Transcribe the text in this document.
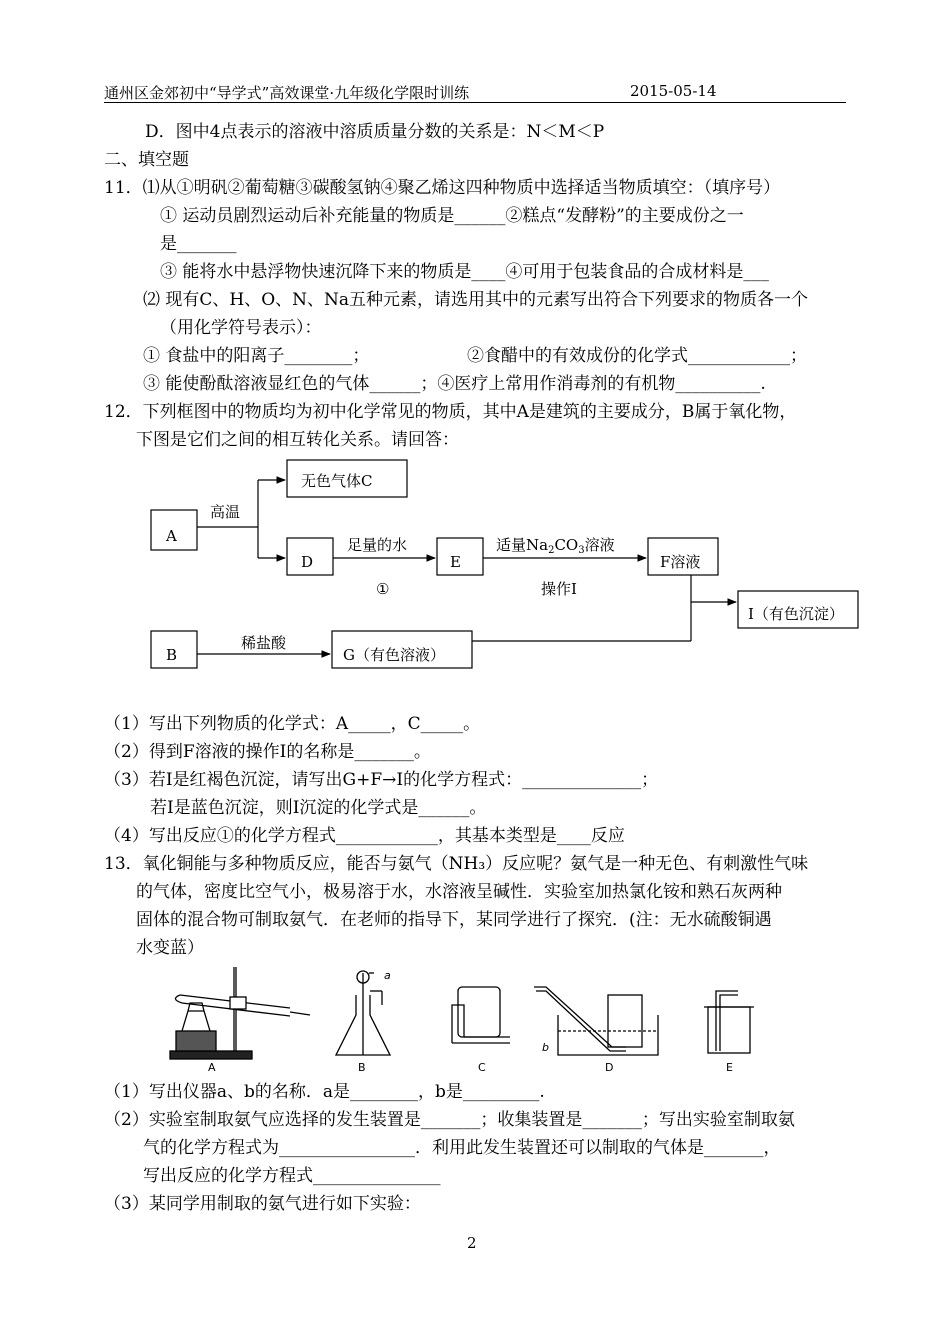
通州区金郊初中“导学式”高效课堂·九年级化学限时训练	2015-05-14
D．图中4点表示的溶液中溶质质量分数的关系是：N＜M＜P
二、填空题
11．⑴从①明矾②葡萄糖③碳酸氢钠④聚乙烯这四种物质中选择适当物质填空：（填序号）
① 运动员剧烈运动后补充能量的物质是______②糕点“发酵粉”的主要成份之一
是_______
③ 能将水中悬浮物快速沉降下来的物质是____④可用于包装食品的合成材料是___
⑵ 现有C、H、O、N、Na五种元素，请选用其中的元素写出符合下列要求的物质各一个
（用化学符号表示）：
① 食盐中的阳离子________；	②食醋中的有效成份的化学式____________；
③ 能使酚酞溶液显红色的气体______；④医疗上常用作消毒剂的有机物__________.
12．下列框图中的物质均为初中化学常见的物质，其中A是建筑的主要成分，B属于氧化物，
下图是它们之间的相互转化关系。请回答：
（1）写出下列物质的化学式：A_____，C_____。
（2）得到F溶液的操作I的名称是_______。
（3）若I是红褐色沉淀，请写出G+F→I的化学方程式：______________；
若I是蓝色沉淀，则I沉淀的化学式是______。
（4）写出反应①的化学方程式____________，其基本类型是____反应
13．氧化铜能与多种物质反应，能否与氨气（NH₃）反应呢？氨气是一种无色、有刺激性气味
的气体，密度比空气小，极易溶于水，水溶液呈碱性．实验室加热氯化铵和熟石灰两种
固体的混合物可制取氨气．在老师的指导下，某同学进行了探究．(注：无水硫酸铜遇
水变蓝）
（1）写出仪器a、b的名称．a是________，b是_________.
（2）实验室制取氨气应选择的发生装置是_______；收集装置是_______；写出实验室制取氨
气的化学方程式为________________．利用此发生装置还可以制取的气体是_______，
写出反应的化学方程式_______________
（3）某同学用制取的氨气进行如下实验：
A
无色气体C
D	E	F溶液
I（有色沉淀）
B	G（有色溶液）
高温
足量的水
①
适量$Na_2CO_3$溶液
操作I
稀盐酸
A	B	C	D	E
a
b
2
